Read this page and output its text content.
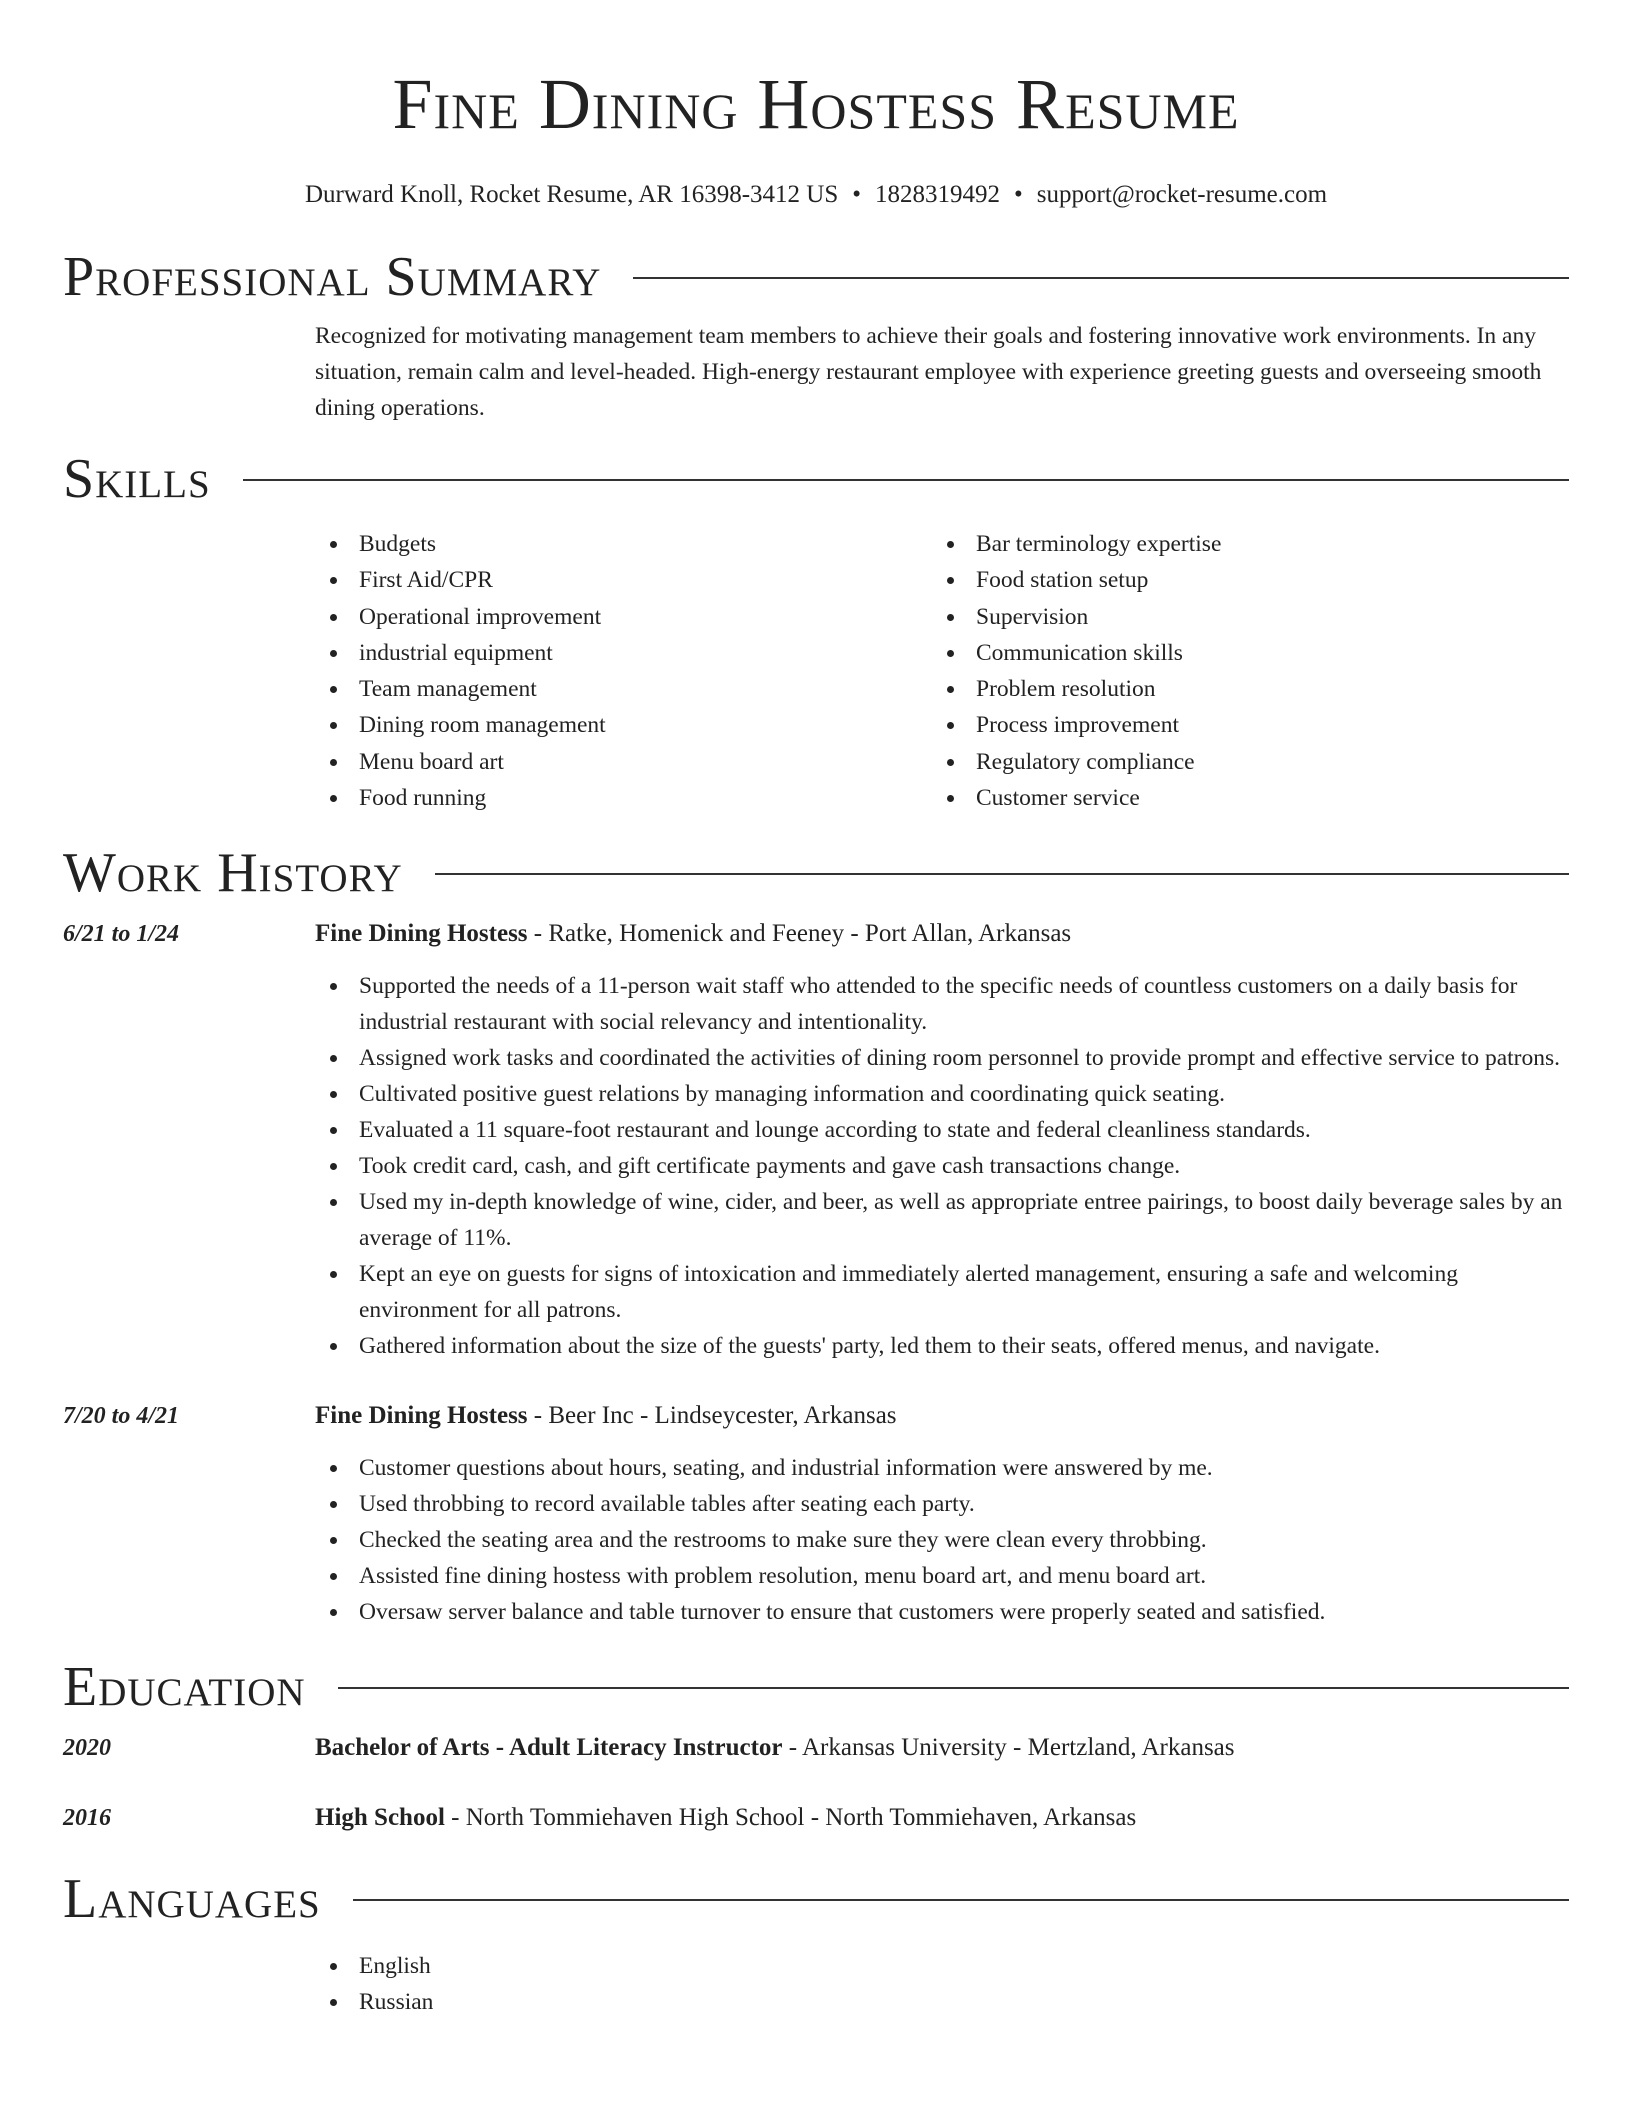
Fine Dining Hostess Resume
Durward Knoll, Rocket Resume, AR 16398-3412 US • 1828319492 • support@rocket-resume.com
Professional Summary

Recognized for motivating management team members to achieve their goals and fostering innovative work environments. In any situation, remain calm and level-headed. High-energy restaurant employee with experience greeting guests and overseeing smooth dining operations.

Skills
Budgets
First Aid/CPR
Operational improvement
industrial equipment
Team management
Dining room management
Menu board art
Food running
Bar terminology expertise
Food station setup
Supervision
Communication skills
Problem resolution
Process improvement
Regulatory compliance
Customer service
Work History
6/21 to 1/24	Fine Dining Hostess - Ratke, Homenick and Feeney - Port Allan, Arkansas
Supported the needs of a 11-person wait staff who attended to the specific needs of countless customers on a daily basis for industrial restaurant with social relevancy and intentionality.
Assigned work tasks and coordinated the activities of dining room personnel to provide prompt and effective service to patrons.
Cultivated positive guest relations by managing information and coordinating quick seating.
Evaluated a 11 square-foot restaurant and lounge according to state and federal cleanliness standards.
Took credit card, cash, and gift certificate payments and gave cash transactions change.
Used my in-depth knowledge of wine, cider, and beer, as well as appropriate entree pairings, to boost daily beverage sales by an average of 11%.
Kept an eye on guests for signs of intoxication and immediately alerted management, ensuring a safe and welcoming environment for all patrons.
Gathered information about the size of the guests' party, led them to their seats, offered menus, and navigate.
7/20 to 4/21	Fine Dining Hostess - Beer Inc - Lindseycester, Arkansas
Customer questions about hours, seating, and industrial information were answered by me.
Used throbbing to record available tables after seating each party.
Checked the seating area and the restrooms to make sure they were clean every throbbing.
Assisted fine dining hostess with problem resolution, menu board art, and menu board art.
Oversaw server balance and table turnover to ensure that customers were properly seated and satisfied.
Education
2020	Bachelor of Arts - Adult Literacy Instructor - Arkansas University - Mertzland, Arkansas
2016	High School - North Tommiehaven High School - North Tommiehaven, Arkansas
Languages
English
Russian
